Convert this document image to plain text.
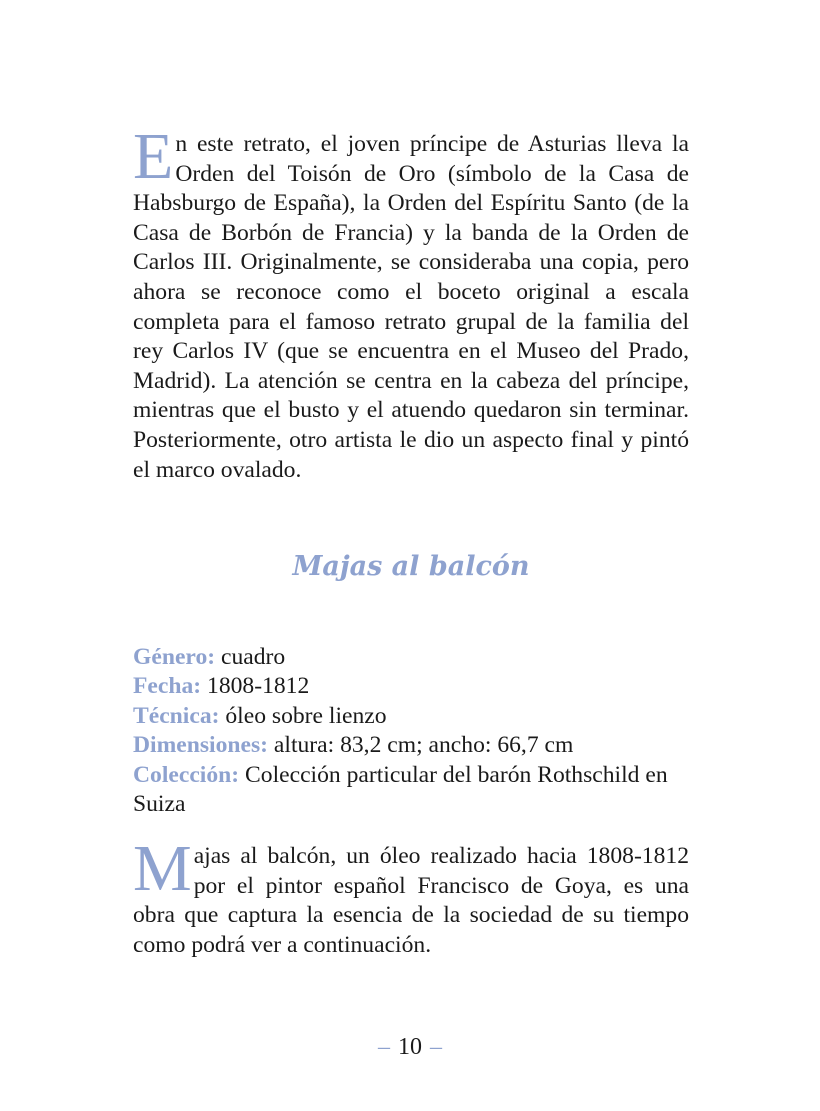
En este retrato, el joven príncipe de Asturias lleva la Orden del Toisón de Oro (símbolo de la Casa de Habsburgo de España), la Orden del Espíritu Santo (de la Casa de Borbón de Francia) y la banda de la Orden de Carlos III. Originalmente, se consideraba una copia, pero ahora se reconoce como el boceto original a escala completa para el famoso retrato grupal de la familia del rey Carlos IV (que se encuentra en el Museo del Prado, Madrid). La atención se centra en la cabeza del príncipe, mientras que el busto y el atuendo quedaron sin terminar. Posteriormente, otro artista le dio un aspecto final y pintó el marco ovalado.

Majas al balcón

Género: cuadro

Fecha: 1808-1812

Técnica: óleo sobre lienzo

Dimensiones: altura: 83,2 cm; ancho: 66,7 cm

Colección: Colección particular del barón Rothschild en Suiza

Majas al balcón, un óleo realizado hacia 1808-1812 por el pintor español Francisco de Goya, es una obra que captura la esencia de la sociedad de su tiempo como podrá ver a continuación.

– 10 –
